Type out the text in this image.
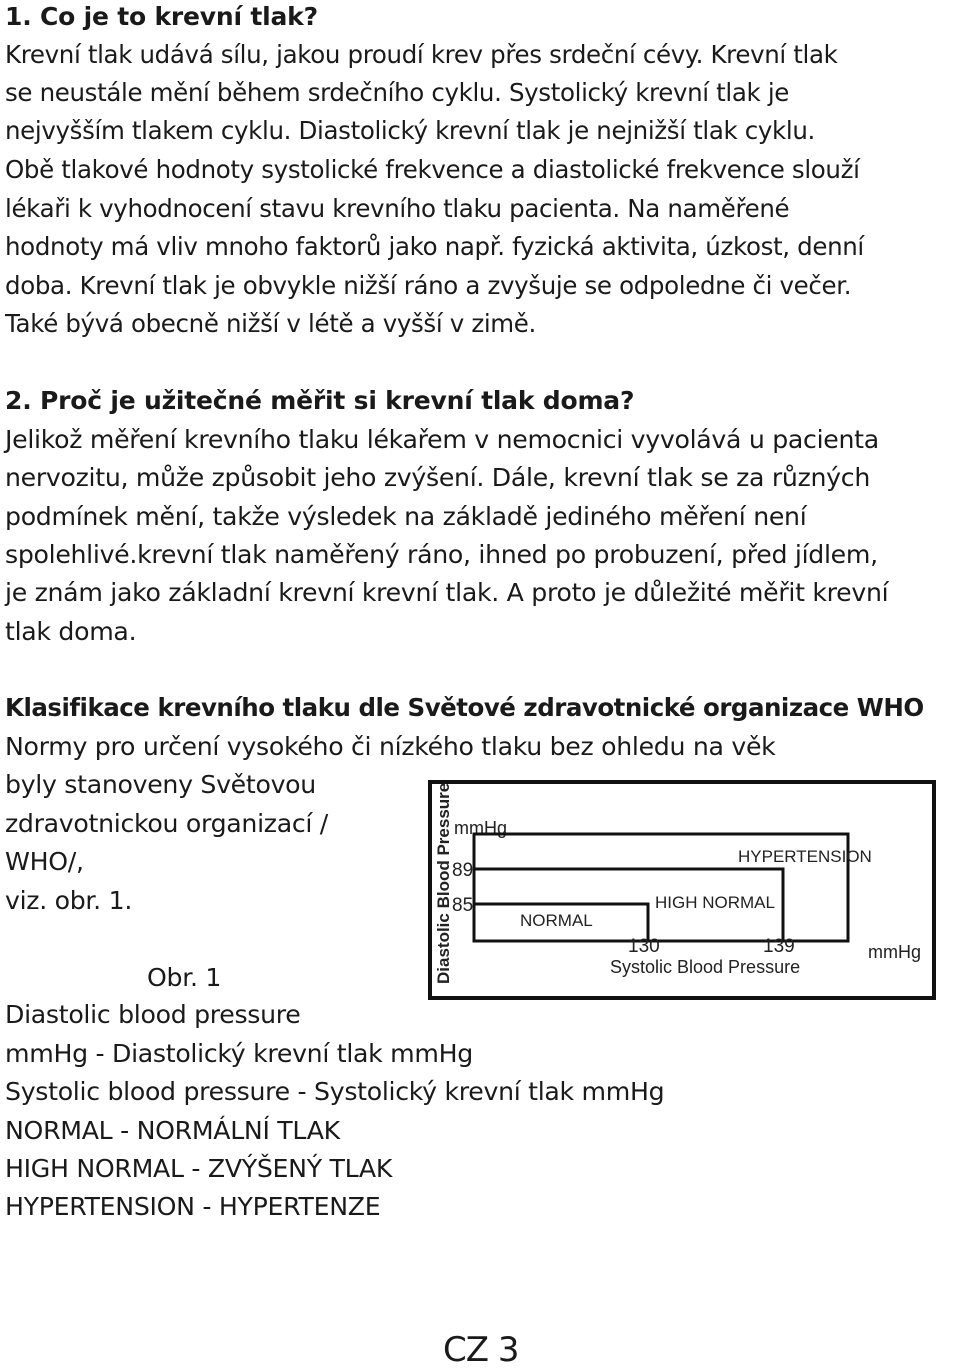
1. Co je to krevní tlak?
Krevní tlak udává sílu, jakou proudí krev přes srdeční cévy. Krevní tlak
se neustále mění během srdečního cyklu. Systolický krevní tlak je
nejvyšším tlakem cyklu. Diastolický krevní tlak je nejnižší tlak cyklu.
Obě tlakové hodnoty systolické frekvence a diastolické frekvence slouží
lékaři k vyhodnocení stavu krevního tlaku pacienta. Na naměřené
hodnoty má vliv mnoho faktorů jako např. fyzická aktivita, úzkost, denní
doba. Krevní tlak je obvykle nižší ráno a zvyšuje se odpoledne či večer.
Také bývá obecně nižší v létě a vyšší v zimě.
2. Proč je užitečné měřit si krevní tlak doma?
Jelikož měření krevního tlaku lékařem v nemocnici vyvolává u pacienta
nervozitu, může způsobit jeho zvýšení. Dále, krevní tlak se za různých
podmínek mění, takže výsledek na základě jediného měření není
spolehlivé.krevní tlak naměřený ráno, ihned po probuzení, před jídlem,
je znám jako základní krevní krevní tlak. A proto je důležité měřit krevní
tlak doma.
Klasifikace krevního tlaku dle Světové zdravotnické organizace WHO
Normy pro určení vysokého či nízkého tlaku bez ohledu na věk
byly stanoveny Světovou
zdravotnickou organizací /
WHO/,
viz. obr. 1.
Obr. 1	Diastolic Blood Pressure mmHg
HYPERTENSION
HIGH NORMAL
NORMAL
89
85
130	139
Systolic Blood Pressure
mmHg
Diastolic blood pressure
mmHg - Diastolický krevní tlak mmHg
Systolic blood pressure - Systolický krevní tlak mmHg
NORMAL - NORMÁLNÍ TLAK
HIGH NORMAL - ZVÝŠENÝ TLAK
HYPERTENSION - HYPERTENZE
CZ 3
